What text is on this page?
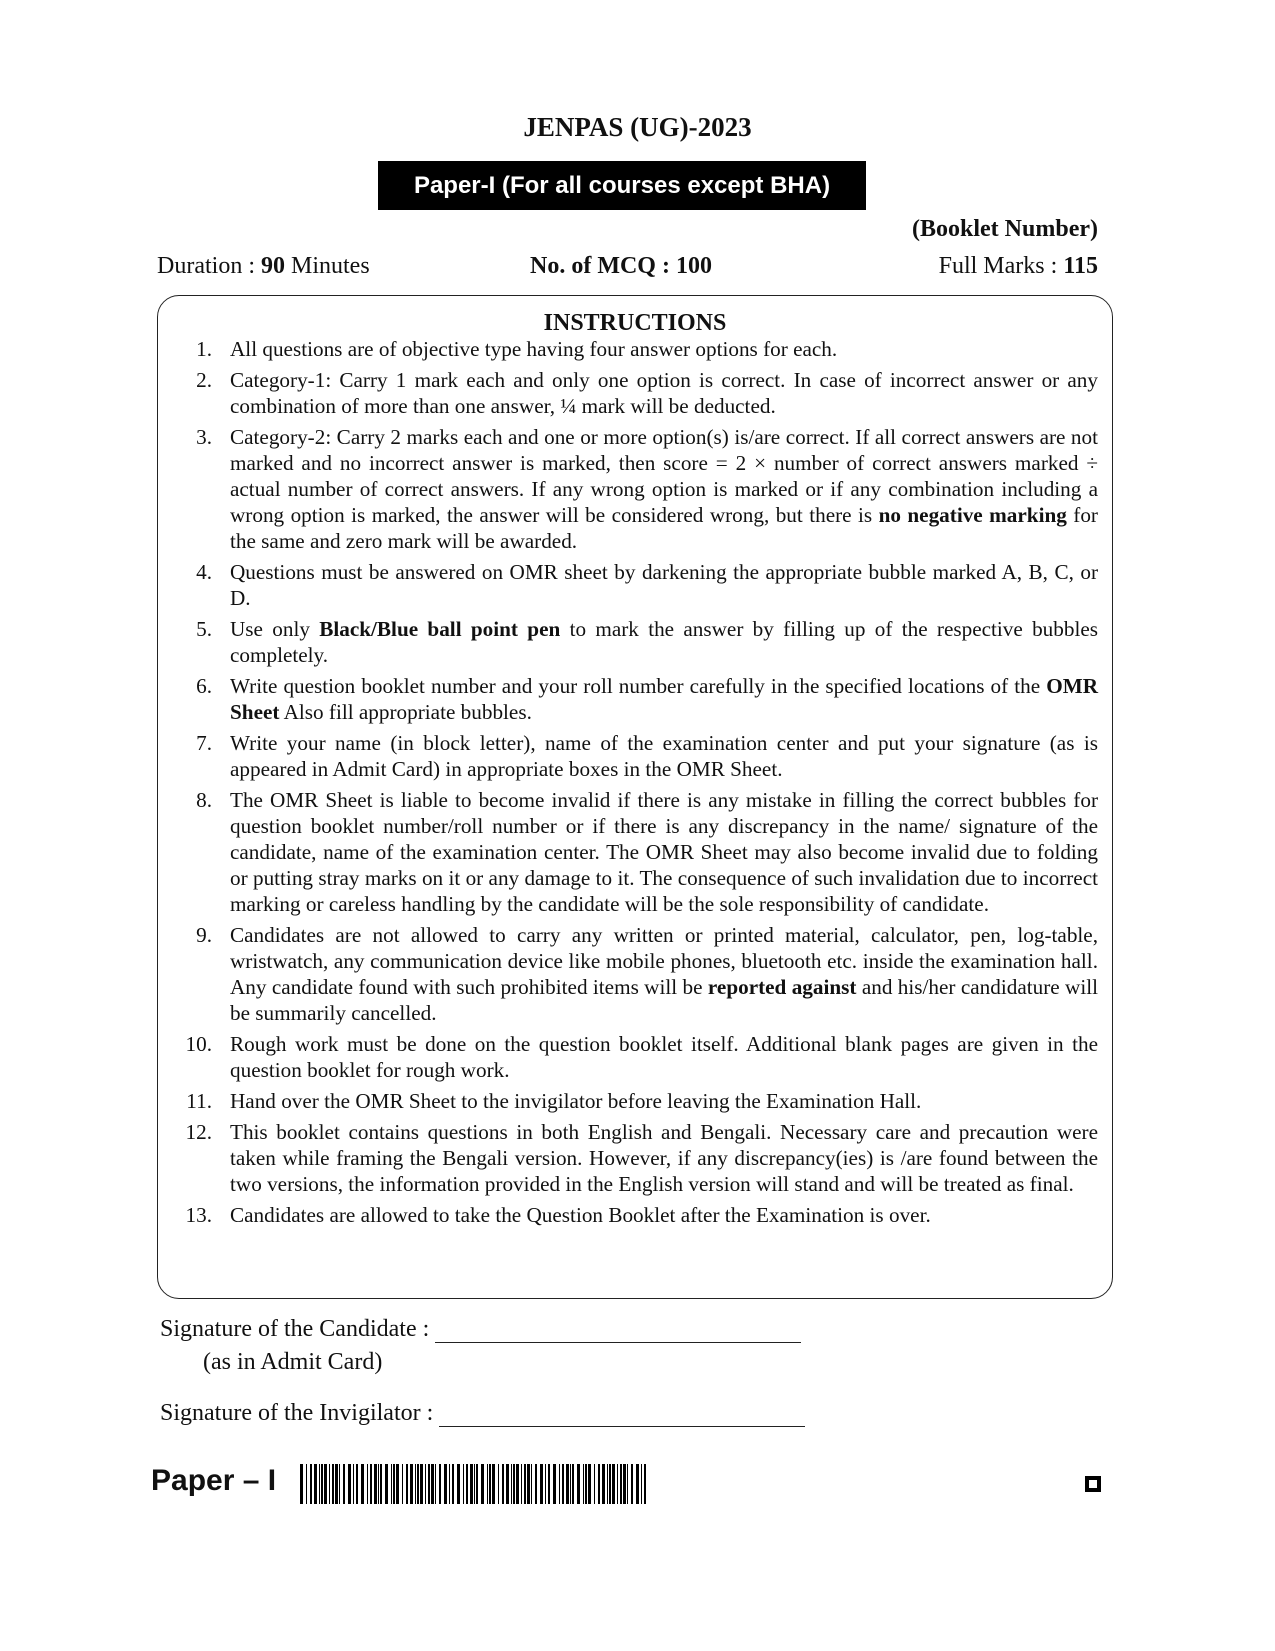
JENPAS (UG)-2023
Paper-I (For all courses except BHA)
(Booklet Number)
Duration : 90 Minutes	No. of MCQ : 100	Full Marks : 115
INSTRUCTIONS
1. All questions are of objective type having four answer options for each.
2. Category-1: Carry 1 mark each and only one option is correct. In case of incorrect answer or any combination of more than one answer, ¼ mark will be deducted.
3. Category-2: Carry 2 marks each and one or more option(s) is/are correct. If all correct answers are not marked and no incorrect answer is marked, then score = 2 × number of correct answers marked ÷ actual number of correct answers. If any wrong option is marked or if any combination including a wrong option is marked, the answer will be considered wrong, but there is no negative marking for the same and zero mark will be awarded.
4. Questions must be answered on OMR sheet by darkening the appropriate bubble marked A, B, C, or D.
5. Use only Black/Blue ball point pen to mark the answer by filling up of the respective bubbles completely.
6. Write question booklet number and your roll number carefully in the specified locations of the OMR Sheet Also fill appropriate bubbles.
7. Write your name (in block letter), name of the examination center and put your signature (as is appeared in Admit Card) in appropriate boxes in the OMR Sheet.
8. The OMR Sheet is liable to become invalid if there is any mistake in filling the correct bubbles for question booklet number/roll number or if there is any discrepancy in the name/ signature of the candidate, name of the examination center. The OMR Sheet may also become invalid due to folding or putting stray marks on it or any damage to it. The consequence of such invalidation due to incorrect marking or careless handling by the candidate will be the sole responsibility of candidate.
9. Candidates are not allowed to carry any written or printed material, calculator, pen, log-table, wristwatch, any communication device like mobile phones, bluetooth etc. inside the examination hall. Any candidate found with such prohibited items will be reported against and his/her candidature will be summarily cancelled.
10. Rough work must be done on the question booklet itself. Additional blank pages are given in the question booklet for rough work.
11. Hand over the OMR Sheet to the invigilator before leaving the Examination Hall.
12. This booklet contains questions in both English and Bengali. Necessary care and precaution were taken while framing the Bengali version. However, if any discrepancy(ies) is /are found between the two versions, the information provided in the English version will stand and will be treated as final.
13. Candidates are allowed to take the Question Booklet after the Examination is over.
Signature of the Candidate :
(as in Admit Card)
Signature of the Invigilator :
Paper – I
